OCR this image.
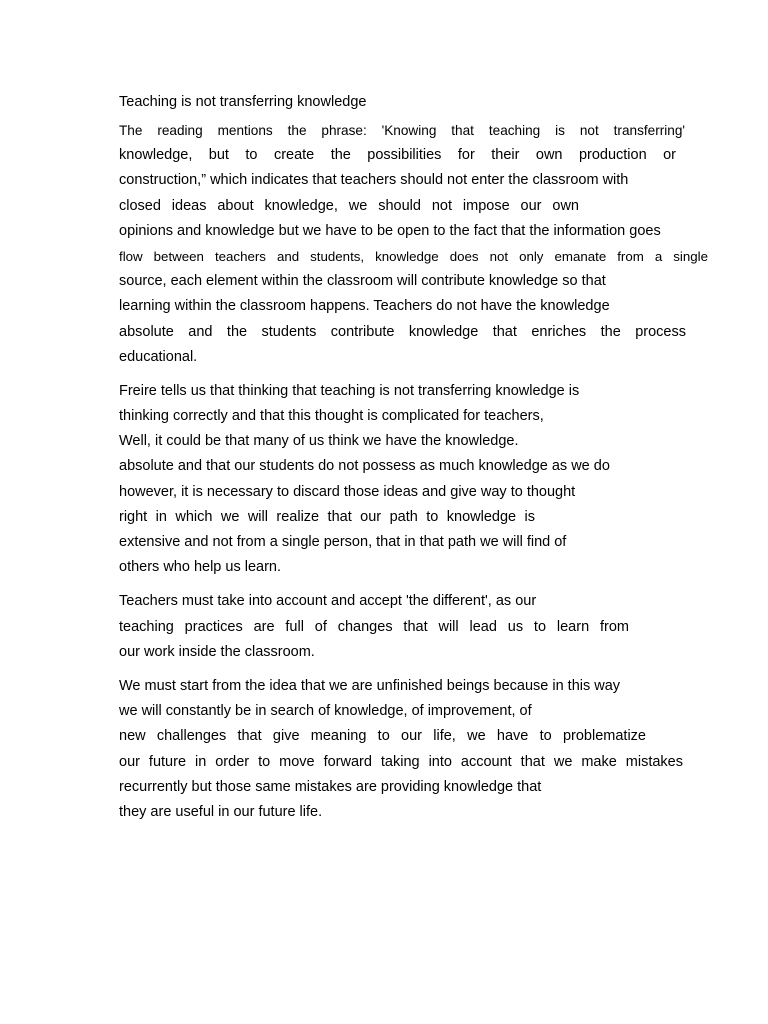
Teaching is not transferring knowledge
The reading mentions the phrase: 'Knowing that teaching is not transferring'
knowledge, but to create the possibilities for their own production or
construction,” which indicates that teachers should not enter the classroom with
closed ideas about knowledge, we should not impose our own
opinions and knowledge but we have to be open to the fact that the information goes
flow between teachers and students, knowledge does not only emanate from a single
source, each element within the classroom will contribute knowledge so that
learning within the classroom happens. Teachers do not have the knowledge
absolute and the students contribute knowledge that enriches the process
educational.
Freire tells us that thinking that teaching is not transferring knowledge is
thinking correctly and that this thought is complicated for teachers,
Well, it could be that many of us think we have the knowledge.
absolute and that our students do not possess as much knowledge as we do
however, it is necessary to discard those ideas and give way to thought
right in which we will realize that our path to knowledge is
extensive and not from a single person, that in that path we will find of
others who help us learn.
Teachers must take into account and accept 'the different', as our
teaching practices are full of changes that will lead us to learn from
our work inside the classroom.
We must start from the idea that we are unfinished beings because in this way
we will constantly be in search of knowledge, of improvement, of
new challenges that give meaning to our life, we have to problematize
our future in order to move forward taking into account that we make mistakes
recurrently but those same mistakes are providing knowledge that
they are useful in our future life.
